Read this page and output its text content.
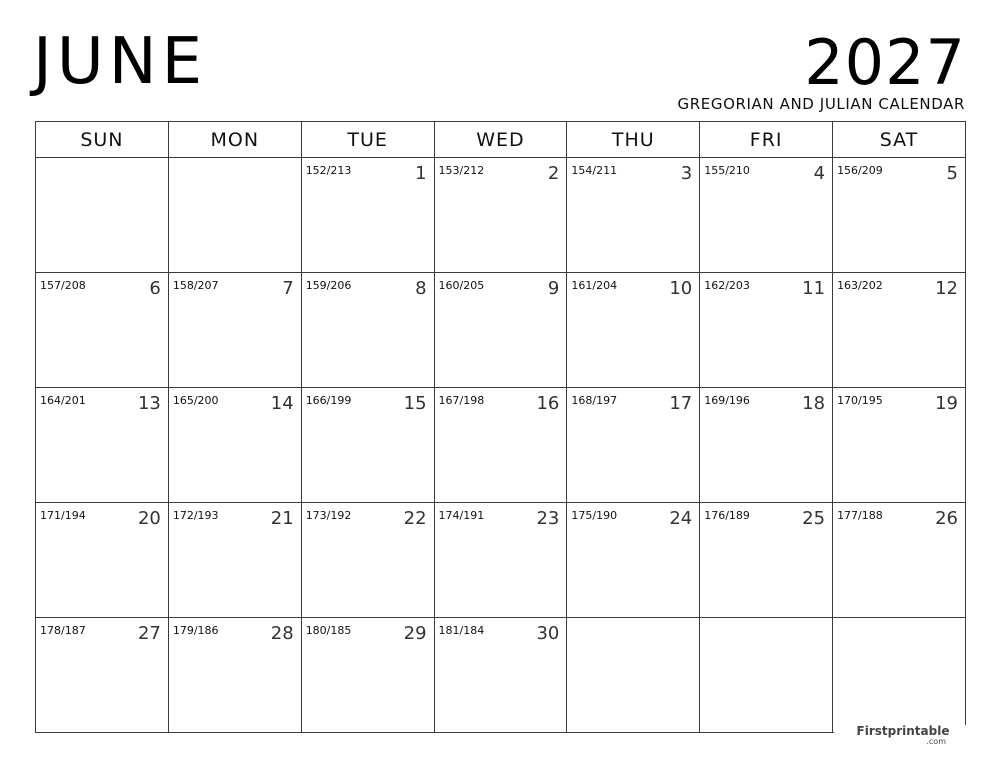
JUNE	2027
GREGORIAN AND JULIAN CALENDAR
SUN	MON	TUE	WED	THU	FRI	SAT

		152/213 1	153/212 2	154/211 3	155/210 4	156/209 5

157/208 6	158/207 7	159/206 8	160/205 9	161/204 10	162/203 11	163/202 12

164/201 13	165/200 14	166/199 15	167/198 16	168/197 17	169/196 18	170/195 19

171/194 20	172/193 21	173/192 22	174/191 23	175/190 24	176/189 25	177/188 26

178/187 27	179/186 28	180/185 29	181/184 30			

Firstprintable
.com
